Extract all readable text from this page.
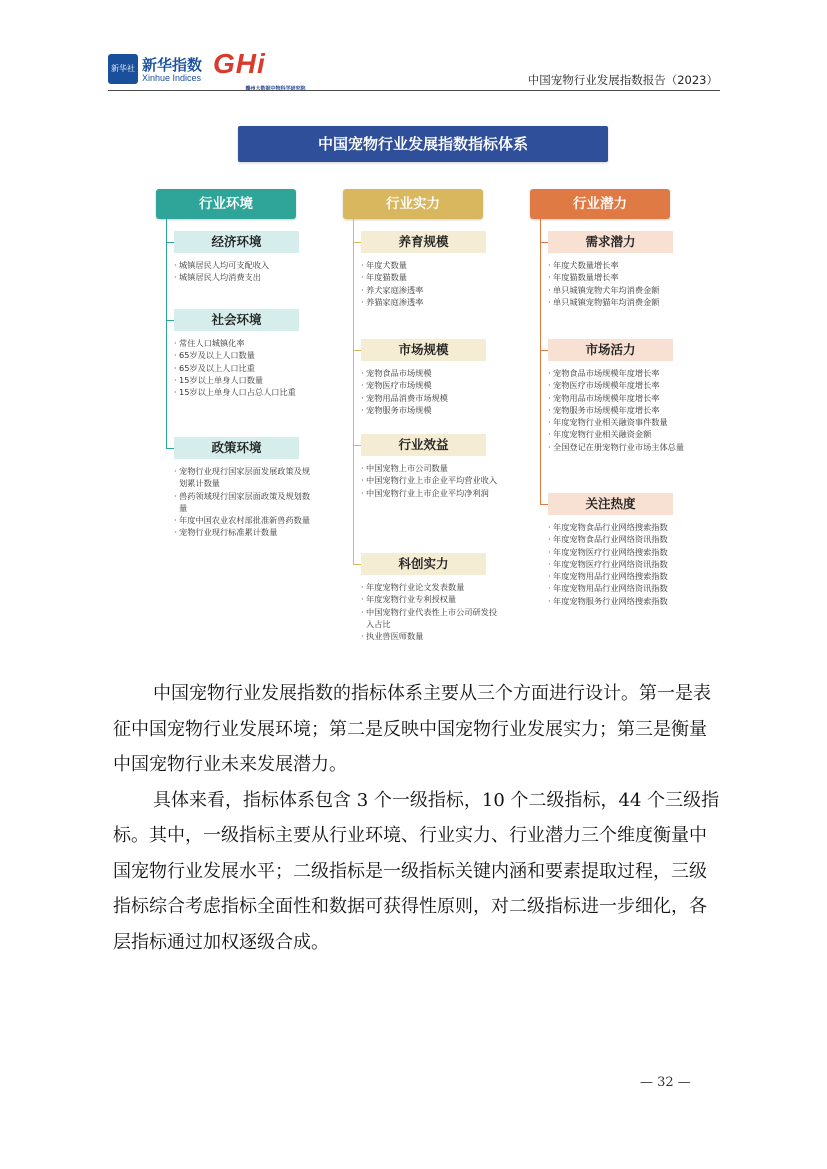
新华社 新华指数
Xinhue Indices GHi
赣州大数据中物科学研究院
中国宠物行业发展指数报告（2023）
中国宠物行业发展指数指标体系
行业环境
经济环境
· 城镇居民人均可支配收入
· 城镇居民人均消费支出
社会环境
· 常住人口城镇化率
· 65岁及以上人口数量
· 65岁及以上人口比重
· 15岁以上单身人口数量
· 15岁以上单身人口占总人口比重
政策环境
· 宠物行业现行国家层面发展政策及规划累计数量
· 兽药领域现行国家层面政策及规划数量
· 年度中国农业农村部批准新兽药数量
· 宠物行业现行标准累计数量
行业实力
养育规模
· 年度犬数量
· 年度猫数量
· 养犬家庭渗透率
· 养猫家庭渗透率
市场规模
· 宠物食品市场规模
· 宠物医疗市场规模
· 宠物用品消费市场规模
· 宠物服务市场规模
行业效益
· 中国宠物上市公司数量
· 中国宠物行业上市企业平均营业收入
· 中国宠物行业上市企业平均净利润
科创实力
· 年度宠物行业论文发表数量
· 年度宠物行业专利授权量
· 中国宠物行业代表性上市公司研发投入占比
· 执业兽医师数量
行业潜力
需求潜力
· 年度犬数量增长率
· 年度猫数量增长率
· 单只城镇宠物犬年均消费金额
· 单只城镇宠物猫年均消费金额
市场活力
· 宠物食品市场规模年度增长率
· 宠物医疗市场规模年度增长率
· 宠物用品市场规模年度增长率
· 宠物服务市场规模年度增长率
· 年度宠物行业相关融资事件数量
· 年度宠物行业相关融资金额
· 全国登记在册宠物行业市场主体总量
关注热度
· 年度宠物食品行业网络搜索指数
· 年度宠物食品行业网络资讯指数
· 年度宠物医疗行业网络搜索指数
· 年度宠物医疗行业网络资讯指数
· 年度宠物用品行业网络搜索指数
· 年度宠物用品行业网络资讯指数
· 年度宠物服务行业网络搜索指数

中国宠物行业发展指数的指标体系主要从三个方面进行设计。第一是表征中国宠物行业发展环境；第二是反映中国宠物行业发展实力；第三是衡量中国宠物行业未来发展潜力。

具体来看，指标体系包含 3 个一级指标，10 个二级指标，44 个三级指标。其中，一级指标主要从行业环境、行业实力、行业潜力三个维度衡量中国宠物行业发展水平；二级指标是一级指标关键内涵和要素提取过程，三级指标综合考虑指标全面性和数据可获得性原则，对二级指标进一步细化，各层指标通过加权逐级合成。

— 32 —
